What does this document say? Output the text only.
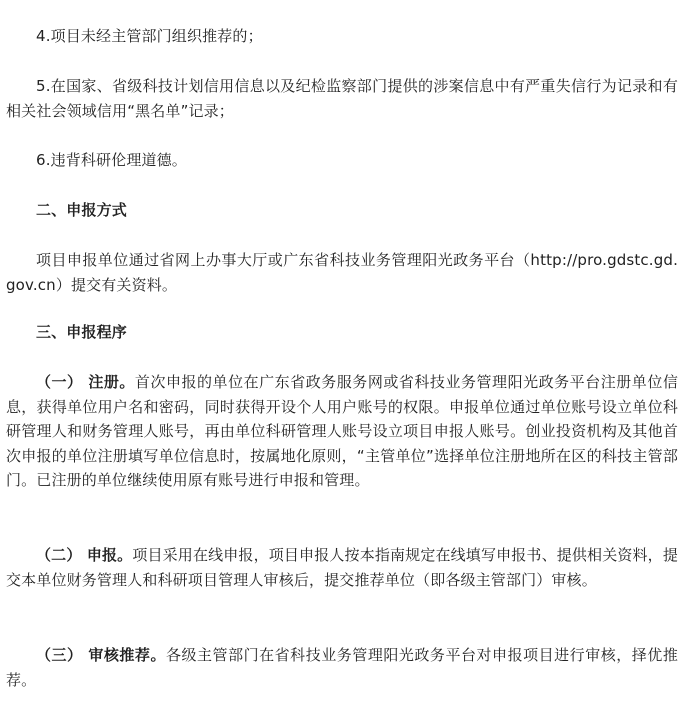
4.项目未经主管部门组织推荐的；
5.在国家、省级科技计划信用信息以及纪检监察部门提供的涉案信息中有严重失信行为记录和有相关社会领域信用“黑名单”记录；
6.违背科研伦理道德。
二、申报方式
项目申报单位通过省网上办事大厅或广东省科技业务管理阳光政务平台（http://pro.gdstc.gd.gov.cn）提交有关资料。
三、申报程序
（一） 注册。首次申报的单位在广东省政务服务网或省科技业务管理阳光政务平台注册单位信息，获得单位用户名和密码，同时获得开设个人用户账号的权限。申报单位通过单位账号设立单位科研管理人和财务管理人账号，再由单位科研管理人账号设立项目申报人账号。创业投资机构及其他首次申报的单位注册填写单位信息时，按属地化原则，“主管单位”选择单位注册地所在区的科技主管部门。已注册的单位继续使用原有账号进行申报和管理。
（二） 申报。项目采用在线申报，项目申报人按本指南规定在线填写申报书、提供相关资料，提交本单位财务管理人和科研项目管理人审核后，提交推荐单位（即各级主管部门）审核。
（三） 审核推荐。各级主管部门在省科技业务管理阳光政务平台对申报项目进行审核，择优推荐。
